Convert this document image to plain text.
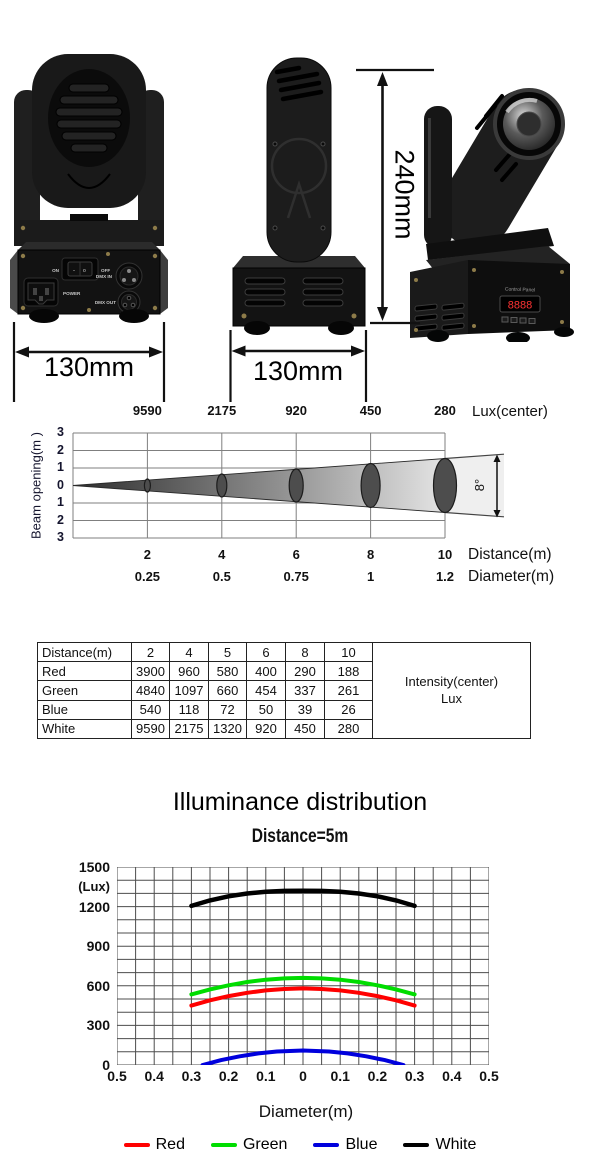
- o
ON	OFF
POWER
DMX IN
DMX OUT
Control Panel
8888
130mm	130mm
240mm
9590	2175	920	450	280
2	4	6	8	10
0.25	0.5	0.75	1	1.2
3
2
1
0
1
2
3
Lux(center)
Distance(m)
Diameter(m)
Beam opening(m )	8°
Distance(m)	2	4	5	6	8	10	Intensity(center)
Lux

Red	3900	960	580	400	290	188	
Green	4840	1097	660	454	337	261	
Blue	540	118	72	50	39	26	
White	9590	2175	1320	920	450	280	
Illuminance distribution
Distance=5m
(Lux)
Diameter(m)
Red	Green	Blue	White
1500
1200
900
600
300
0
0.5	0.4	0.3	0.2	0.1	0	0.1	0.2	0.3	0.4	0.5
